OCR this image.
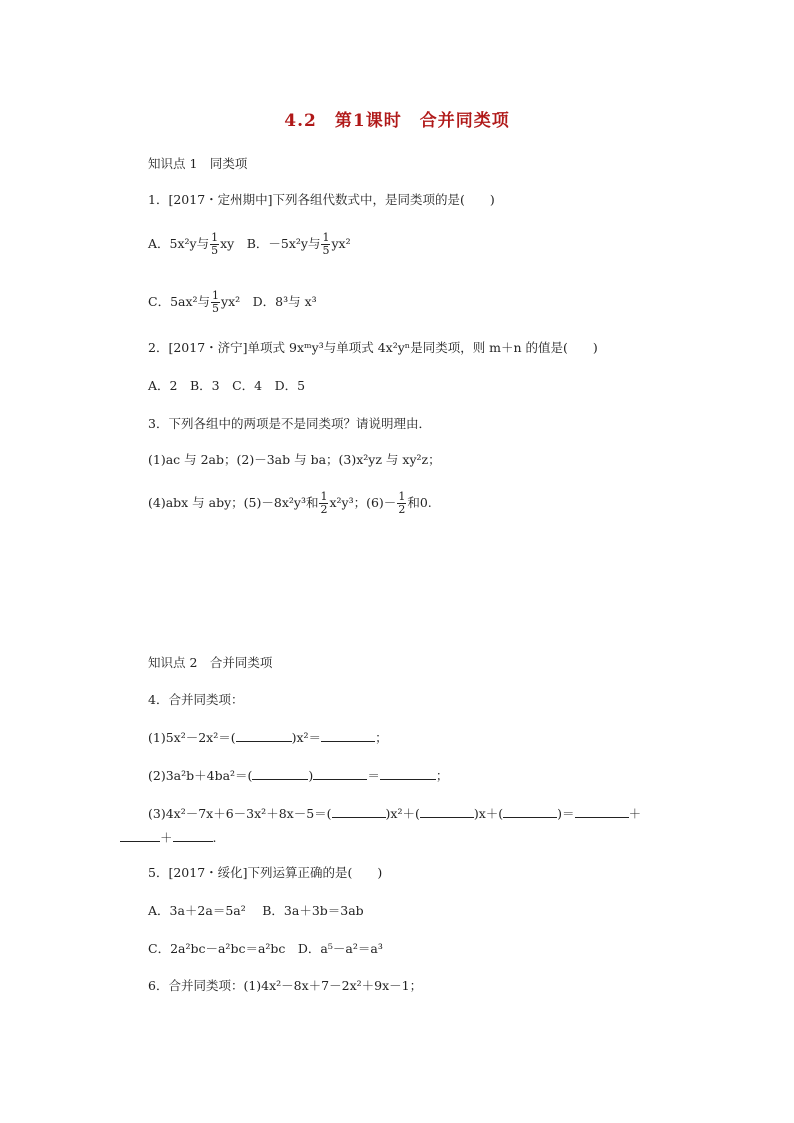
4.2　第1课时　合并同类项
知识点 1　同类项
1．[2017・定州期中]下列各组代数式中，是同类项的是(　　)
A．5x²y与 $\frac{1}{5}$ xy　B．－5x²y与 $\frac{1}{5} yx^2$
C．5ax²与 $\frac{1}{5} yx^2$　D．8³与 x³
2．[2017・济宁]单项式 9xᵐy³与单项式 4x²yⁿ是同类项，则 m＋n 的值是(　　)
A．2　B．3　C．4　D．5
3．下列各组中的两项是不是同类项？请说明理由．
(1)ac 与 2ab；(2)－3ab 与 ba；(3)x²yz 与 xy²z；
(4)abx 与 aby；(5)－8x²y³和 $\frac{1}{2} x^2y^3$；$(6)- \frac{1}{2}$ 和0.
知识点 2　合并同类项
4．合并同类项：
(1)5x²－2x²＝(	)x²＝	；
(2)3a²b＋4ba²＝(	)	＝	；
(3)4x²－7x＋6－3x²＋8x－5＝(	)x²＋(	)x＋(	)＝	＋
＋	.
5．[2017・绥化]下列运算正确的是(　　)
A．3a＋2a＝5a²　 B．3a＋3b＝3ab
C．2a²bc－a²bc＝a²bc　D．a⁵－a²＝a³
6．合并同类项：(1)4x²－8x＋7－2x²＋9x－1；
